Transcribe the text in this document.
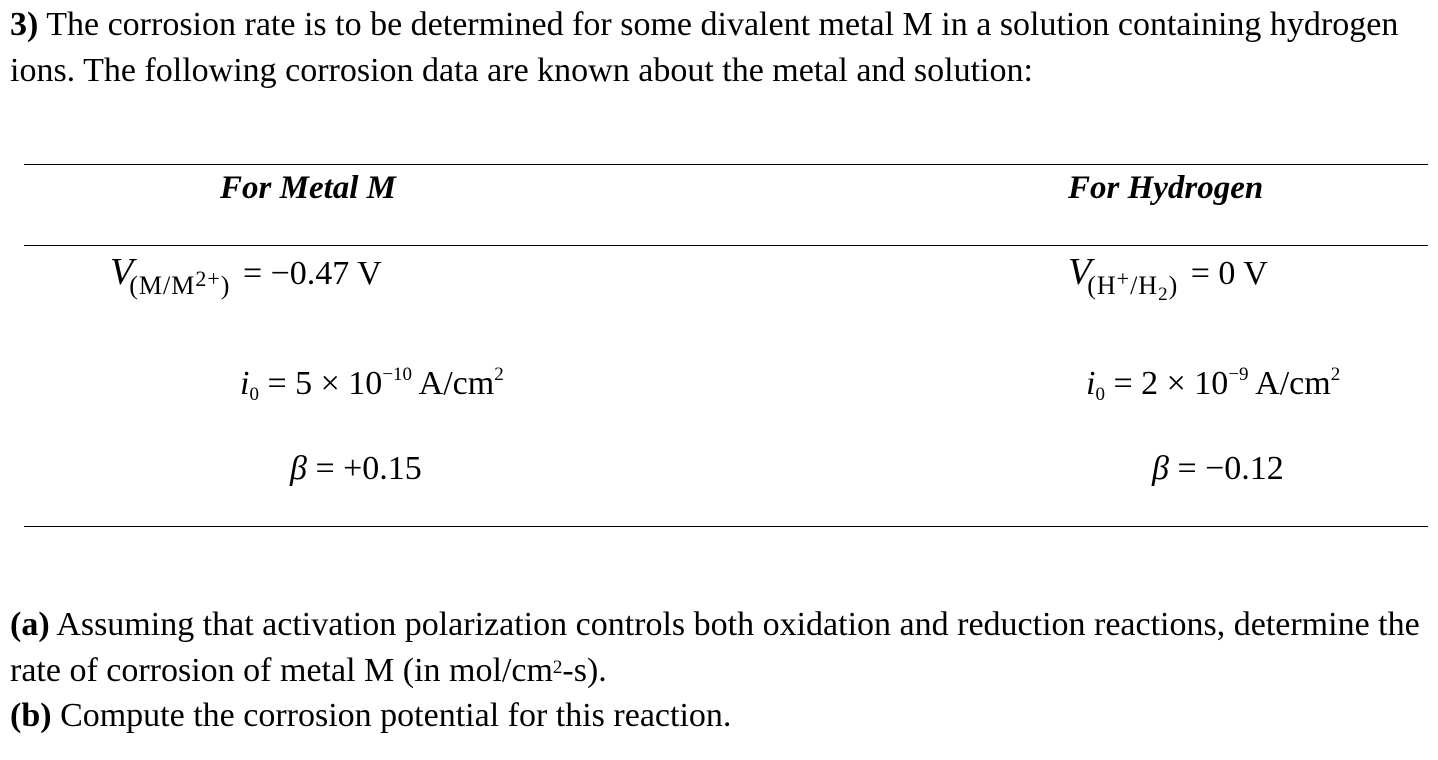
3) The corrosion rate is to be determined for some divalent metal M in a solution containing hydrogen ions. The following corrosion data are known about the metal and solution:

For Metal M	For Hydrogen
$V_{(M/M^{2+})} = -0.47$ V	$V_{(H^+/H_2)} = 0$ V
$i0 = 5 \times 10^{-10}$ $A/cm^2$	$i0 = 2 \times 10^{-9}$ $A/cm^2$
β = +0.15	β = −0.12

(a) Assuming that activation polarization controls both oxidation and reduction reactions, determine the rate of corrosion of metal M (in mol/$cm^2-s$).

(b) Compute the corrosion potential for this reaction.
